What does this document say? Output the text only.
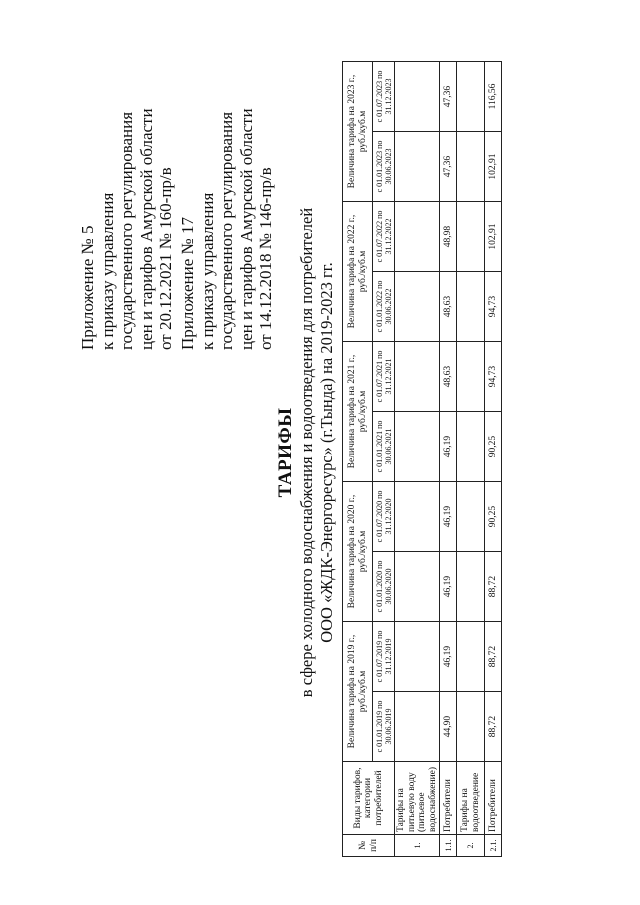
Приложение № 5 к приказу управления государственного регулирования цен и тарифов Амурской области от 20.12.2021 № 160-пр/в Приложение № 17 к приказу управления государственного регулирования цен и тарифов Амурской области от 14.12.2018 № 146-пр/в
ТАРИФЫ в сфере холодного водоснабжения и водоотведения для потребителей ООО «ЖДК-Энергоресурс» (г.Тында) на 2019-2023 гг.
№ п/п	Виды тарифов, категории потребителей	Величина тарифа на 2019 г., руб./куб.м		Величина тарифа на 2020 г., руб./куб.м		Величина тарифа на 2021 г., руб./куб.м		Величина тарифа на 2022 г., руб./куб.м		Величина тарифа на 2023 г., руб./куб.м	
		с 01.01.2019 по 30.06.2019	с 01.07.2019 по 31.12.2019	с 01.01.2020 по 30.06.2020	с 01.07.2020 по 31.12.2020	с 01.01.2021 по 30.06.2021	с 01.07.2021 по 31.12.2021	с 01.01.2022 по 30.06.2022	с 01.07.2022 по 31.12.2022	с 01.01.2023 по 30.06.2023	с 01.07.2023 по 31.12.2023
1.	Тарифы на питьевую воду (питьевое водоснабжение)										
1.1.	Потребители	44,90	46,19	46,19	46,19	46,19	48,63	48,63	48,98	47,36	47,36
2.	Тарифы на водоотведение										
2.1.	Потребители	88,72	88,72	88,72	90,25	90,25	94,73	94,73	102,91	102,91	116,56
